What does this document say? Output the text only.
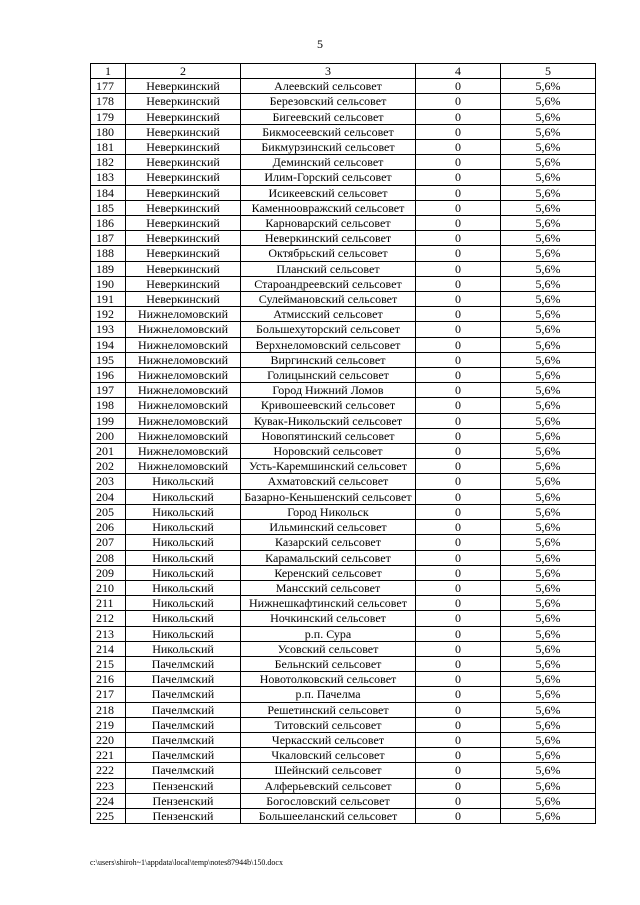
5
1	2	3	4	5
177	Неверкинский	Алеевский сельсовет	0	5,6%
178	Неверкинский	Березовский сельсовет	0	5,6%
179	Неверкинский	Бигеевский сельсовет	0	5,6%
180	Неверкинский	Бикмосеевский сельсовет	0	5,6%
181	Неверкинский	Бикмурзинский сельсовет	0	5,6%
182	Неверкинский	Деминский сельсовет	0	5,6%
183	Неверкинский	Илим-Горский сельсовет	0	5,6%
184	Неверкинский	Исикеевский сельсовет	0	5,6%
185	Неверкинский	Каменноовражский сельсовет	0	5,6%
186	Неверкинский	Карноварский сельсовет	0	5,6%
187	Неверкинский	Неверкинский сельсовет	0	5,6%
188	Неверкинский	Октябрьский сельсовет	0	5,6%
189	Неверкинский	Планский сельсовет	0	5,6%
190	Неверкинский	Староандреевский сельсовет	0	5,6%
191	Неверкинский	Сулеймановский сельсовет	0	5,6%
192	Нижнеломовский	Атмисский сельсовет	0	5,6%
193	Нижнеломовский	Большехуторский сельсовет	0	5,6%
194	Нижнеломовский	Верхнеломовский сельсовет	0	5,6%
195	Нижнеломовский	Виргинский сельсовет	0	5,6%
196	Нижнеломовский	Голицынский сельсовет	0	5,6%
197	Нижнеломовский	Город Нижний Ломов	0	5,6%
198	Нижнеломовский	Кривошеевский сельсовет	0	5,6%
199	Нижнеломовский	Кувак-Никольский сельсовет	0	5,6%
200	Нижнеломовский	Новопятинский сельсовет	0	5,6%
201	Нижнеломовский	Норовский сельсовет	0	5,6%
202	Нижнеломовский	Усть-Каремшинский сельсовет	0	5,6%
203	Никольский	Ахматовский сельсовет	0	5,6%
204	Никольский	Базарно-Кеньшенский сельсовет	0	5,6%
205	Никольский	Город Никольск	0	5,6%
206	Никольский	Ильминский сельсовет	0	5,6%
207	Никольский	Казарский сельсовет	0	5,6%
208	Никольский	Карамальский сельсовет	0	5,6%
209	Никольский	Керенский сельсовет	0	5,6%
210	Никольский	Мансский сельсовет	0	5,6%
211	Никольский	Нижнешкафтинский сельсовет	0	5,6%
212	Никольский	Ночкинский сельсовет	0	5,6%
213	Никольский	р.п. Сура	0	5,6%
214	Никольский	Усовский сельсовет	0	5,6%
215	Пачелмский	Бельнский сельсовет	0	5,6%
216	Пачелмский	Новотолковский сельсовет	0	5,6%
217	Пачелмский	р.п. Пачелма	0	5,6%
218	Пачелмский	Решетинский сельсовет	0	5,6%
219	Пачелмский	Титовский сельсовет	0	5,6%
220	Пачелмский	Черкасский сельсовет	0	5,6%
221	Пачелмский	Чкаловский сельсовет	0	5,6%
222	Пачелмский	Шейнский сельсовет	0	5,6%
223	Пензенский	Алферьевский сельсовет	0	5,6%
224	Пензенский	Богословский сельсовет	0	5,6%
225	Пензенский	Большееланский сельсовет	0	5,6%
c:\users\shiroh~1\appdata\local\temp\notes87944b\150.docx
